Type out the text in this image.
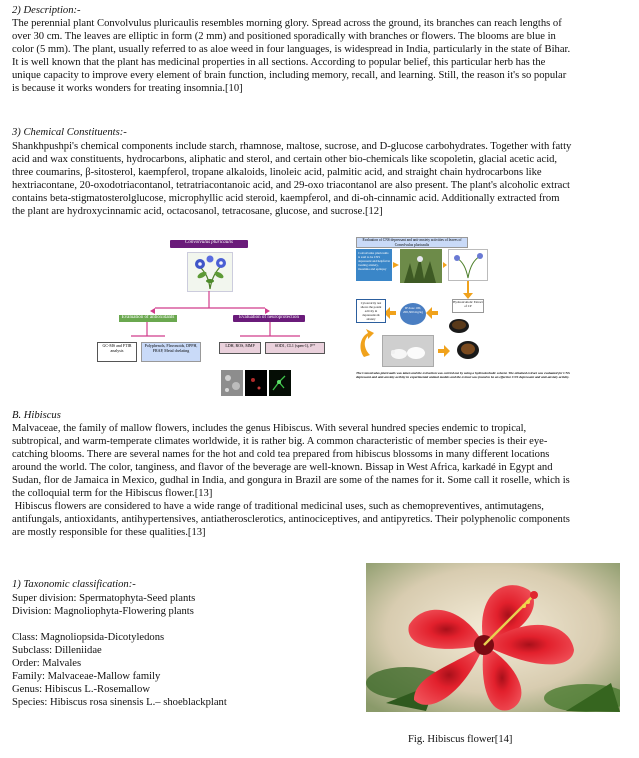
2) Description:-
The perennial plant Convolvulus pluricaulis resembles morning glory. Spread across the ground, its branches can reach lengths of
over 30 cm. The leaves are elliptic in form (2 mm) and positioned sporadically with branches or flowers. The blooms are blue in
color (5 mm). The plant, usually referred to as aloe weed in four languages, is widespread in India, particularly in the state of Bihar.
It is well known that the plant has medicinal properties in all sections. According to popular belief, this particular herb has the
unique capacity to improve every element of brain function, including memory, recall, and learning. Still, the reason it's so popular
is because it works wonders for treating insomnia.[10]
3) Chemical Constituents:-
Shankhpushpi's chemical components include starch, rhamnose, maltose, sucrose, and D-glucose carbohydrates. Together with fatty
acid and wax constituents, hydrocarbons, aliphatic and sterol, and certain other bio-chemicals like scopoletin, glacial acetic acid,
three coumarins, β-sitosterol, kaempferol, tropane alkaloids, linoleic acid, palmitic acid, and straight chain hydrocarbons like
hextriacontane, 20-oxodotriacontanol, tetratriacontanoic acid, and 29-oxo triacontanol are also present. The plant's alcoholic extract
contains beta-stigmatosterolglucose, microphyllic acid steroid, kaempferol, and di-oh-cinnamic acid. Additionally extracted from
the plant are hydroxycinnamic acid, octacosanol, tetracosane, glucose, and sucrose.[12]
Convolvulus pluricaulis
Evaluation of antioxidants	Evaluation of neuroprotection
GC-MS and FTIR analysis
Polyphenols, Flavonoids, DPPH, FRAP, Metal chelating
LDH, ROS, MMP	SOD1, CL1 (spen-1), P⁷⁷
Evaluation of CNS depressant and anti-anxiety activities of leaves of Convolvulus pluricaulis
Convolvulus pluricaulis is said to be CNS depressant and helpful in treating anxiety, insomnia and epilepsy
Hydroalcoholic Extract of CP
IP dose 100, 200,300 mg/kg
Cytotoxicity test shows the potent activity in depressants & anxiety
The Convolvulus pluricaulis was taken and the extraction was carried out by using a hydroalcoholic solvent. The obtained extract was evaluated for CNS depressant and anti-anxiety activity in experimental animal models and the extract was found to be an effective CNS depressant and anti-anxiety activity.
B. Hibiscus
Malvaceae, the family of mallow flowers, includes the genus Hibiscus. With several hundred species endemic to tropical,
subtropical, and warm-temperate climates worldwide, it is rather big. A common characteristic of member species is their eye-
catching blooms. There are several names for the hot and cold tea prepared from hibiscus blossoms in many different locations
around the world. The color, tanginess, and flavor of the beverage are well-known. Bissap in West Africa, karkadé in Egypt and
Sudan, flor de Jamaica in Mexico, gudhal in India, and gongura in Brazil are some of the names for it. Some call it roselle, which is
the colloquial term for the Hibiscus flower.[13]
Hibiscus flowers are considered to have a wide range of traditional medicinal uses, such as chemopreventives, antimutagens,
antifungals, antioxidants, antihypertensives, antiatherosclerotics, antinociceptives, and antipyretics. Their polyphenolic components
are mostly responsible for these qualities.[13]
1) Taxonomic classification:-
Super division: Spermatophyta-Seed plants
Division: Magnoliophyta-Flowering plants
Class: Magnoliopsida-Dicotyledons
Subclass: Dilleniidae
Order: Malvales
Family: Malvaceae-Mallow family
Genus: Hibiscus L.-Rosemallow
Species: Hibiscus rosa sinensis L.– shoeblackplant
Fig. Hibiscus flower[14]
